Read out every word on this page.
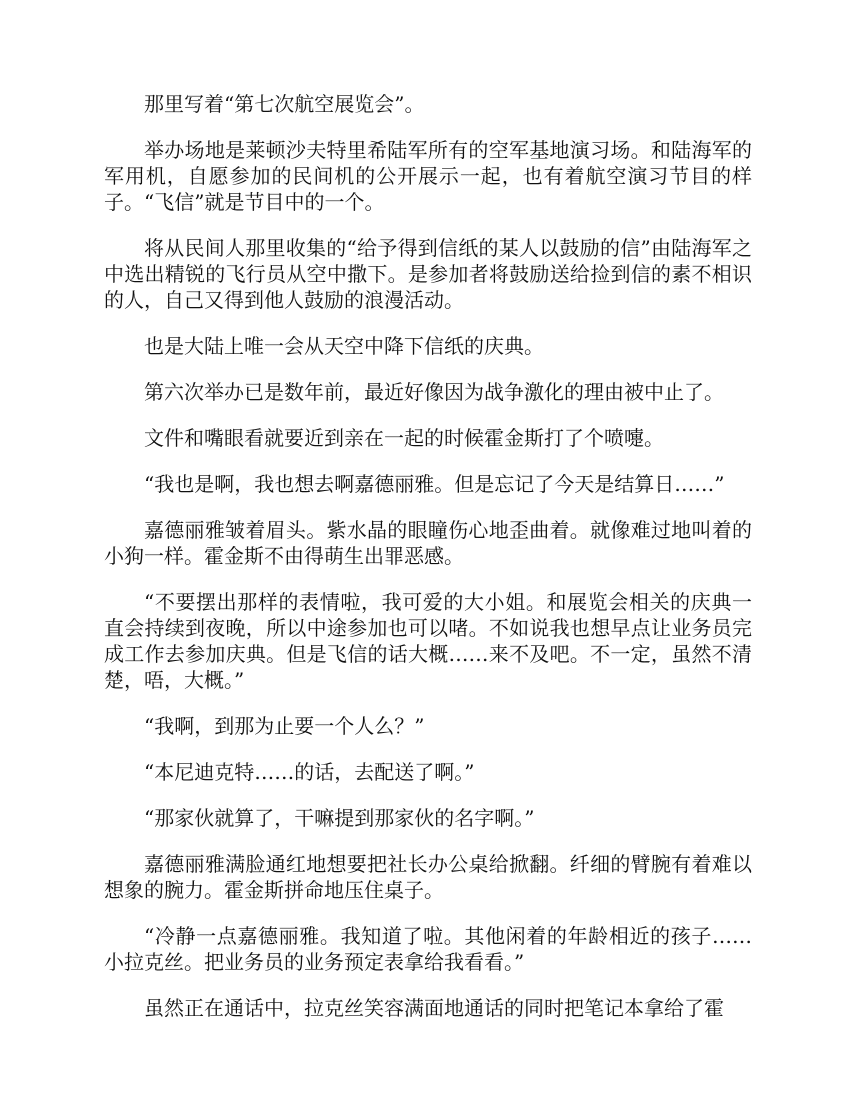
那里写着“第七次航空展览会”。

举办场地是莱顿沙夫特里希陆军所有的空军基地演习场。和陆海军的军用机，自愿参加的民间机的公开展示一起，也有着航空演习节目的样子。“飞信”就是节目中的一个。

将从民间人那里收集的“给予得到信纸的某人以鼓励的信”由陆海军之中选出精锐的飞行员从空中撒下。是参加者将鼓励送给捡到信的素不相识的人，自己又得到他人鼓励的浪漫活动。

也是大陆上唯一会从天空中降下信纸的庆典。

第六次举办已是数年前，最近好像因为战争激化的理由被中止了。

文件和嘴眼看就要近到亲在一起的时候霍金斯打了个喷嚏。

“我也是啊，我也想去啊嘉德丽雅。但是忘记了今天是结算日……”

嘉德丽雅皱着眉头。紫水晶的眼瞳伤心地歪曲着。就像难过地叫着的小狗一样。霍金斯不由得萌生出罪恶感。

“不要摆出那样的表情啦，我可爱的大小姐。和展览会相关的庆典一直会持续到夜晚，所以中途参加也可以啫。不如说我也想早点让业务员完成工作去参加庆典。但是飞信的话大概……来不及吧。不一定，虽然不清楚，唔，大概。”

“我啊，到那为止要一个人么？”

“本尼迪克特……的话，去配送了啊。”

“那家伙就算了，干嘛提到那家伙的名字啊。”

嘉德丽雅满脸通红地想要把社长办公桌给掀翻。纤细的臂腕有着难以想象的腕力。霍金斯拼命地压住桌子。

“冷静一点嘉德丽雅。我知道了啦。其他闲着的年龄相近的孩子……小拉克丝。把业务员的业务预定表拿给我看看。”

虽然正在通话中，拉克丝笑容满面地通话的同时把笔记本拿给了霍
